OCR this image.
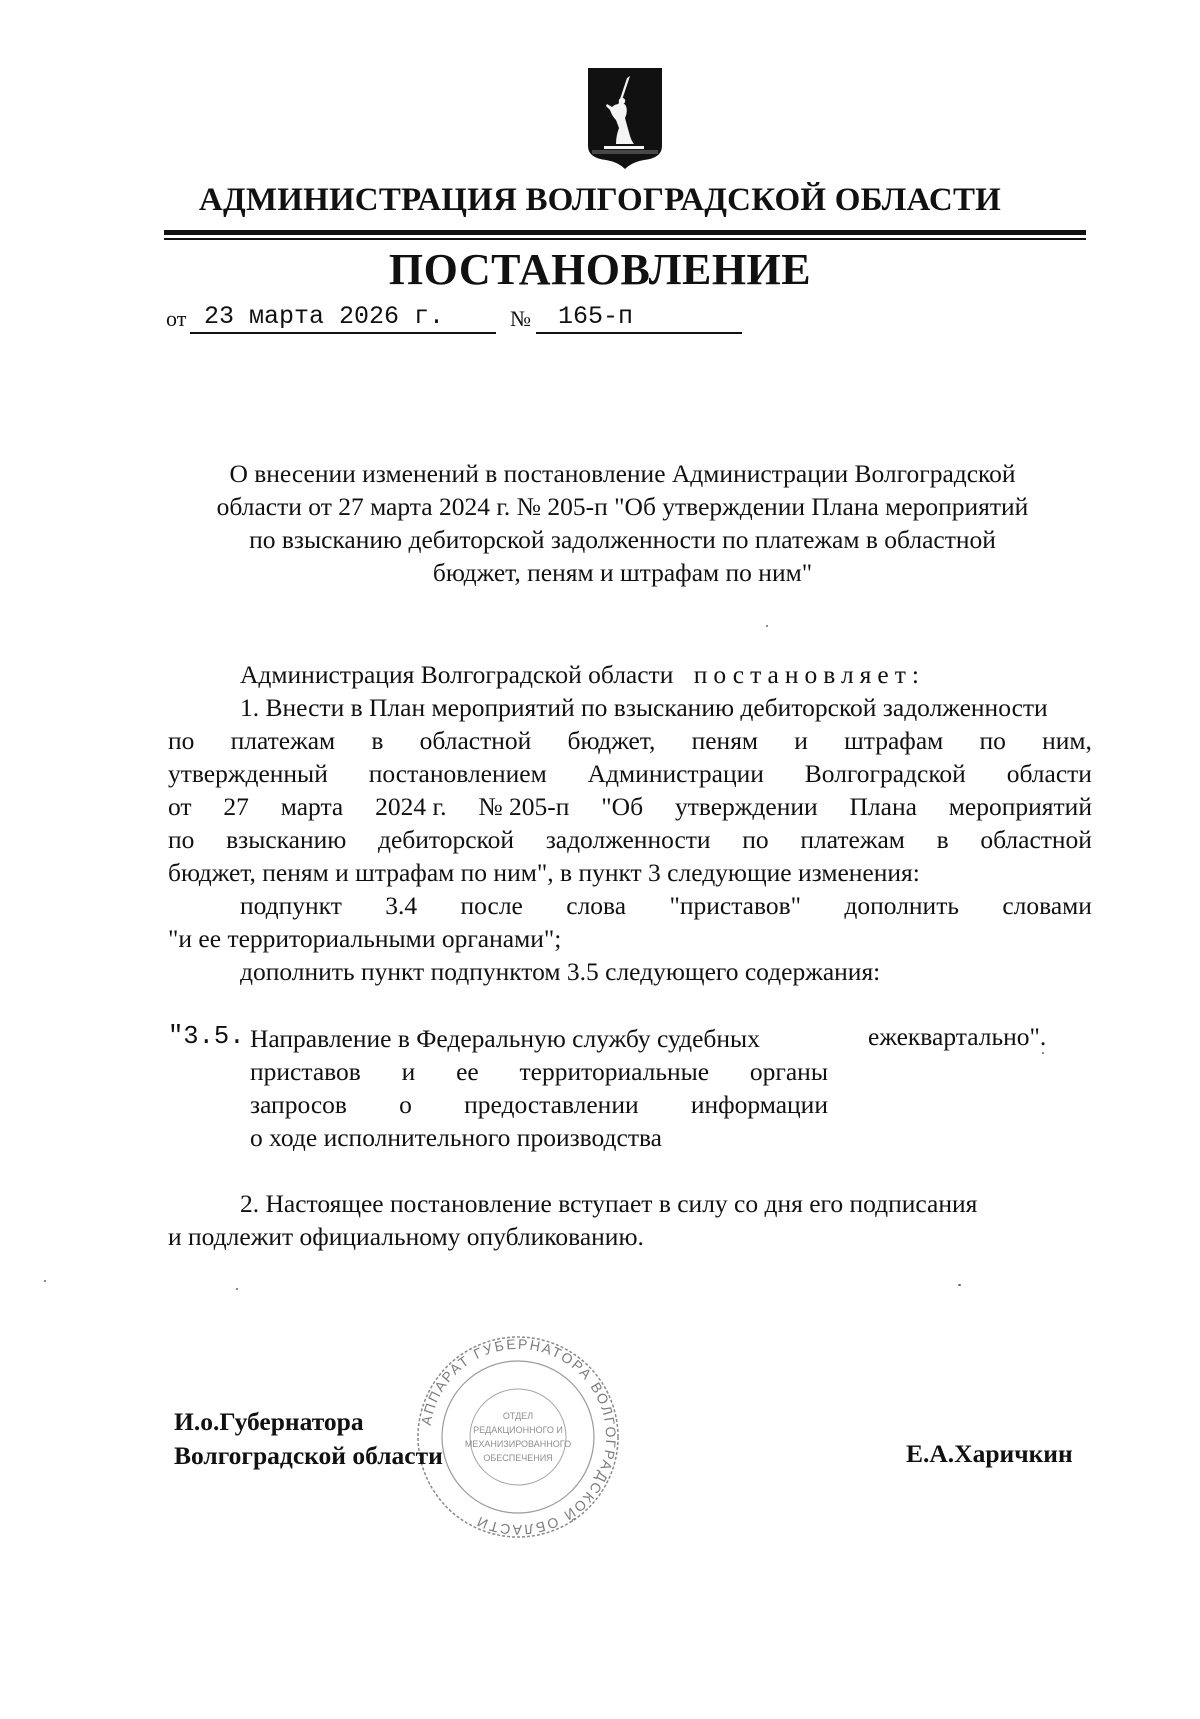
АДМИНИСТРАЦИЯ ВОЛГОГРАДСКОЙ ОБЛАСТИ
ПОСТАНОВЛЕНИЕ
от 23 марта 2026 г.	№ 165-п
О внесении изменений в постановление Администрации Волгоградской
области от 27 марта 2024 г. № 205-п "Об утверждении Плана мероприятий
по взысканию дебиторской задолженности по платежам в областной
бюджет, пеням и штрафам по ним"
Администрация Волгоградской области постановляет:
1. Внести в План мероприятий по взысканию дебиторской задолженности
по платежам в областной бюджет, пеням и штрафам по ним,
утвержденный постановлением Администрации Волгоградской области
от 27 марта 2024 г. № 205-п "Об утверждении Плана мероприятий
по взысканию дебиторской задолженности по платежам в областной
бюджет, пеням и штрафам по ним", в пункт 3 следующие изменения:
подпункт 3.4 после слова "приставов" дополнить словами
"и ее территориальными органами";
дополнить пункт подпунктом 3.5 следующего содержания:
"3.5. Направление в Федеральную службу судебных
приставов и ее территориальные органы
запросов о предоставлении информации
о ходе исполнительного производства
ежеквартально".
2. Настоящее постановление вступает в силу со дня его подписания
и подлежит официальному опубликованию.
АППАРАТ ГУБЕРНАТОРА ВОЛГОГРАДСКОЙ ОБЛАСТИ
ОТДЕЛ
РЕДАКЦИОННОГО И
МЕХАНИЗИРОВАННОГО
ОБЕСПЕЧЕНИЯ
И.о.Губернатора
Волгоградской области	Е.А.Харичкин
